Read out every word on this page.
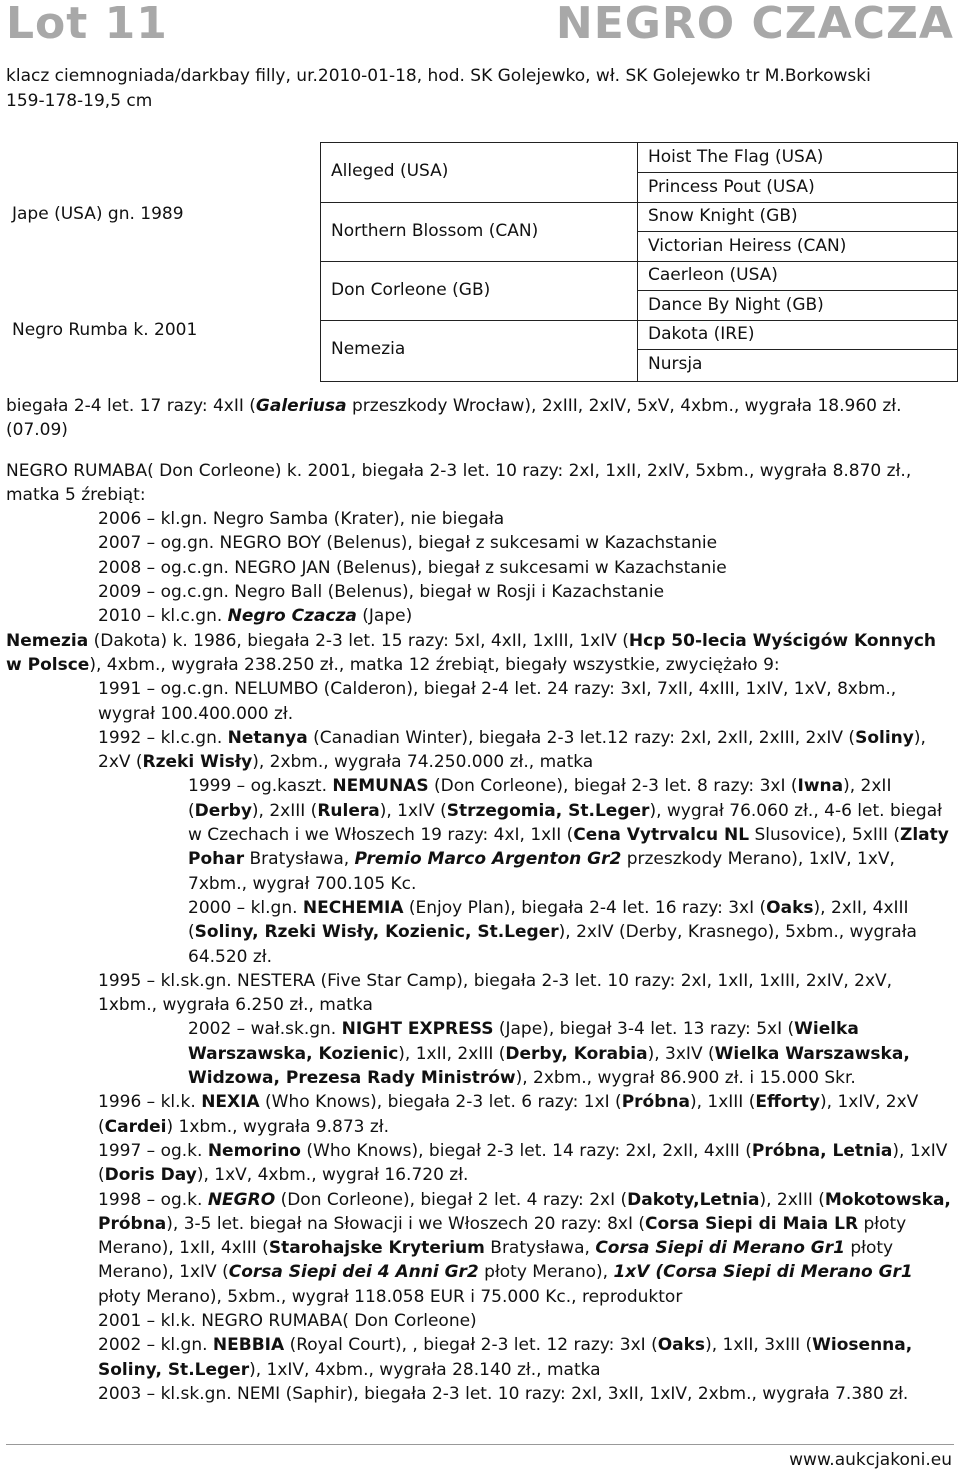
Lot 11	NEGRO CZACZA
klacz ciemnogniada/darkbay filly, ur.2010-01-18, hod. SK Golejewko, wł. SK Golejewko tr M.Borkowski 159-178-19,5 cm
Jape (USA) gn. 1989
Negro Rumba k. 2001
Alleged (USA)
Northern Blossom (CAN)
Don Corleone (GB)
Nemezia
Hoist The Flag (USA)
Princess Pout (USA)
Snow Knight (GB)
Victorian Heiress (CAN)
Caerleon (USA)
Dance By Night (GB)
Dakota (IRE)
Nursja

biegała 2-4 let. 17 razy: 4xII (Galeriusa przeszkody Wrocław), 2xIII, 2xIV, 5xV, 4xbm., wygrała 18.960 zł. (07.09)

NEGRO RUMABA( Don Corleone) k. 2001, biegała 2-3 let. 10 razy: 2xI, 1xII, 2xIV, 5xbm., wygrała 8.870 zł.,
matka 5 źrebiąt:

2006 – kl.gn. Negro Samba (Krater), nie biegała

2007 – og.gn. NEGRO BOY (Belenus), biegał z sukcesami w Kazachstanie

2008 – og.c.gn. NEGRO JAN (Belenus), biegał z sukcesami w Kazachstanie

2009 – og.c.gn. Negro Ball (Belenus), biegał w Rosji i Kazachstanie

2010 – kl.c.gn. Negro Czacza (Jape)

Nemezia (Dakota) k. 1986, biegała 2-3 let. 15 razy: 5xI, 4xII, 1xIII, 1xIV (Hcp 50-lecia Wyścigów Konnych w Polsce), 4xbm., wygrała 238.250 zł., matka 12 źrebiąt, biegały wszystkie, zwyciężało 9:

1991 – og.c.gn. NELUMBO (Calderon), biegał 2-4 let. 24 razy: 3xI, 7xII, 4xIII, 1xIV, 1xV, 8xbm., wygrał 100.400.000 zł.

1992 – kl.c.gn. Netanya (Canadian Winter), biegała 2-3 let.12 razy: 2xI, 2xII, 2xIII, 2xIV (Soliny), 2xV (Rzeki Wisły), 2xbm., wygrała 74.250.000 zł., matka

1999 – og.kaszt. NEMUNAS (Don Corleone), biegał 2-3 let. 8 razy: 3xI (Iwna), 2xII (Derby), 2xIII (Rulera), 1xIV (Strzegomia, St.Leger), wygrał 76.060 zł., 4-6 let. biegał w Czechach i we Włoszech 19 razy: 4xI, 1xII (Cena Vytrvalcu NL Slusovice), 5xIII (Zlaty Pohar Bratysława, Premio Marco Argenton Gr2 przeszkody Merano), 1xIV, 1xV, 7xbm., wygrał 700.105 Kc.

2000 – kl.gn. NECHEMIA (Enjoy Plan), biegała 2-4 let. 16 razy: 3xI (Oaks), 2xII, 4xIII (Soliny, Rzeki Wisły, Kozienic, St.Leger), 2xIV (Derby, Krasnego), 5xbm., wygrała 64.520 zł.

1995 – kl.sk.gn. NESTERA (Five Star Camp), biegała 2-3 let. 10 razy: 2xI, 1xII, 1xIII, 2xIV, 2xV, 1xbm., wygrała 6.250 zł., matka

2002 – wał.sk.gn. NIGHT EXPRESS (Jape), biegał 3-4 let. 13 razy: 5xI (Wielka Warszawska, Kozienic), 1xII, 2xIII (Derby, Korabia), 3xIV (Wielka Warszawska, Widzowa, Prezesa Rady Ministrów), 2xbm., wygrał 86.900 zł. i 15.000 Skr.

1996 – kl.k. NEXIA (Who Knows), biegała 2-3 let. 6 razy: 1xI (Próbna), 1xIII (Efforty), 1xIV, 2xV (Cardei) 1xbm., wygrała 9.873 zł.

1997 – og.k. Nemorino (Who Knows), biegał 2-3 let. 14 razy: 2xI, 2xII, 4xIII (Próbna, Letnia), 1xIV (Doris Day), 1xV, 4xbm., wygrał 16.720 zł.

1998 – og.k. NEGRO (Don Corleone), biegał 2 let. 4 razy: 2xI (Dakoty,Letnia), 2xIII (Mokotowska, Próbna), 3-5 let. biegał na Słowacji i we Włoszech 20 razy: 8xI (Corsa Siepi di Maia LR płoty Merano), 1xII, 4xIII (Starohajske Kryterium Bratysława, Corsa Siepi di Merano Gr1 płoty Merano), 1xIV (Corsa Siepi dei 4 Anni Gr2 płoty Merano), 1xV (Corsa Siepi di Merano Gr1 płoty Merano), 5xbm., wygrał 118.058 EUR i 75.000 Kc., reproduktor

2001 – kl.k. NEGRO RUMABA( Don Corleone)

2002 – kl.gn. NEBBIA (Royal Court), , biegał 2-3 let. 12 razy: 3xI (Oaks), 1xII, 3xIII (Wiosenna, Soliny, St.Leger), 1xIV, 4xbm., wygrała 28.140 zł., matka

2003 – kl.sk.gn. NEMI (Saphir), biegała 2-3 let. 10 razy: 2xI, 3xII, 1xIV, 2xbm., wygrała 7.380 zł.

www.aukcjakoni.eu
